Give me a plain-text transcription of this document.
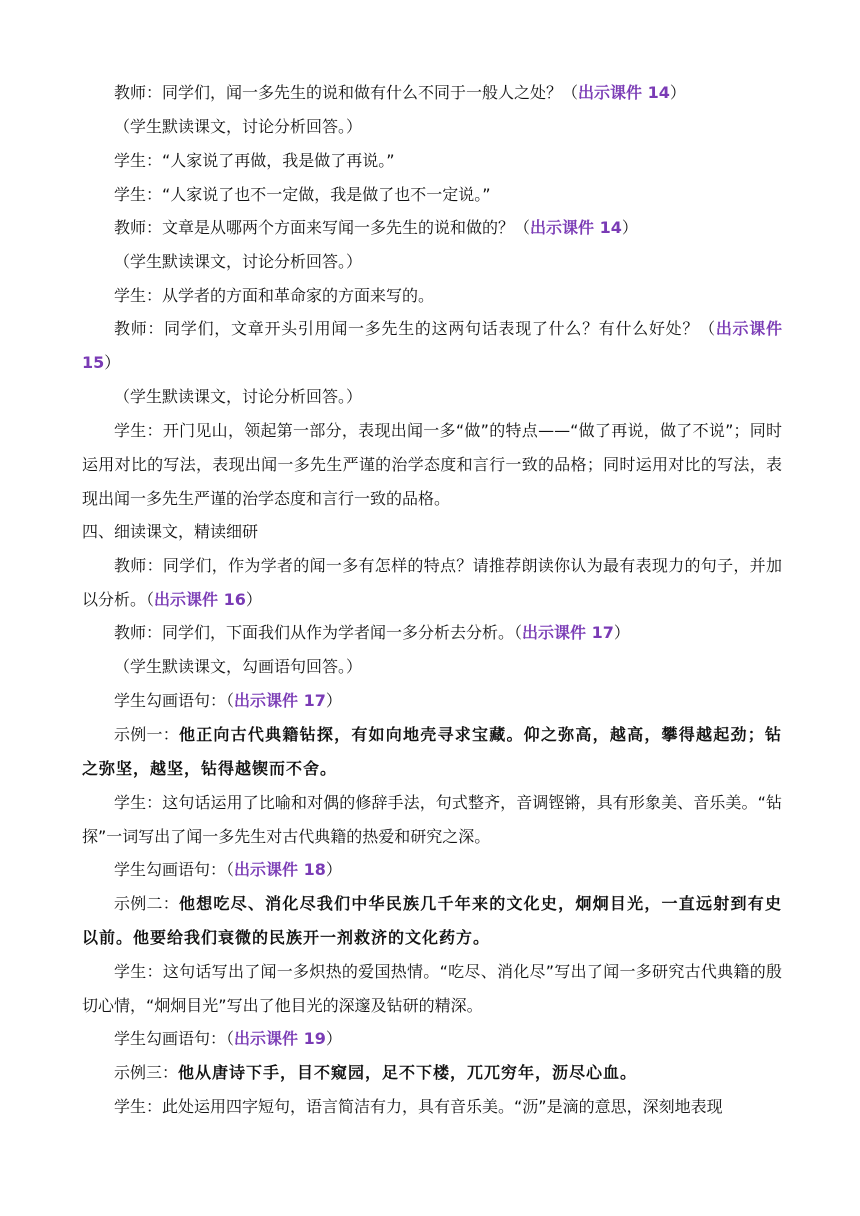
教师：同学们，闻一多先生的说和做有什么不同于一般人之处？（出示课件 14）

（学生默读课文，讨论分析回答。）

学生：“人家说了再做，我是做了再说。”

学生：“人家说了也不一定做，我是做了也不一定说。”

教师：文章是从哪两个方面来写闻一多先生的说和做的？（出示课件 14）

（学生默读课文，讨论分析回答。）

学生：从学者的方面和革命家的方面来写的。

教师：同学们，文章开头引用闻一多先生的这两句话表现了什么？有什么好处？（出示课件 15）

（学生默读课文，讨论分析回答。）

学生：开门见山，领起第一部分，表现出闻一多“做”的特点——“做了再说，做了不说”；同时运用对比的写法，表现出闻一多先生严谨的治学态度和言行一致的品格；同时运用对比的写法，表现出闻一多先生严谨的治学态度和言行一致的品格。

四、细读课文，精读细研

教师：同学们，作为学者的闻一多有怎样的特点？请推荐朗读你认为最有表现力的句子，并加以分析。（出示课件 16）

教师：同学们，下面我们从作为学者闻一多分析去分析。（出示课件 17）

（学生默读课文，勾画语句回答。）

学生勾画语句：（出示课件 17）

示例一：他正向古代典籍钻探，有如向地壳寻求宝藏。仰之弥高，越高，攀得越起劲；钻之弥坚，越坚，钻得越锲而不舍。

学生：这句话运用了比喻和对偶的修辞手法，句式整齐，音调铿锵，具有形象美、音乐美。“钻探”一词写出了闻一多先生对古代典籍的热爱和研究之深。

学生勾画语句：（出示课件 18）

示例二：他想吃尽、消化尽我们中华民族几千年来的文化史，炯炯目光，一直远射到有史以前。他要给我们衰微的民族开一剂救济的文化药方。

学生：这句话写出了闻一多炽热的爱国热情。“吃尽、消化尽”写出了闻一多研究古代典籍的殷切心情，“炯炯目光”写出了他目光的深邃及钻研的精深。

学生勾画语句：（出示课件 19）

示例三：他从唐诗下手，目不窥园，足不下楼，兀兀穷年，沥尽心血。

学生：此处运用四字短句，语言简洁有力，具有音乐美。“沥”是滴的意思，深刻地表现
